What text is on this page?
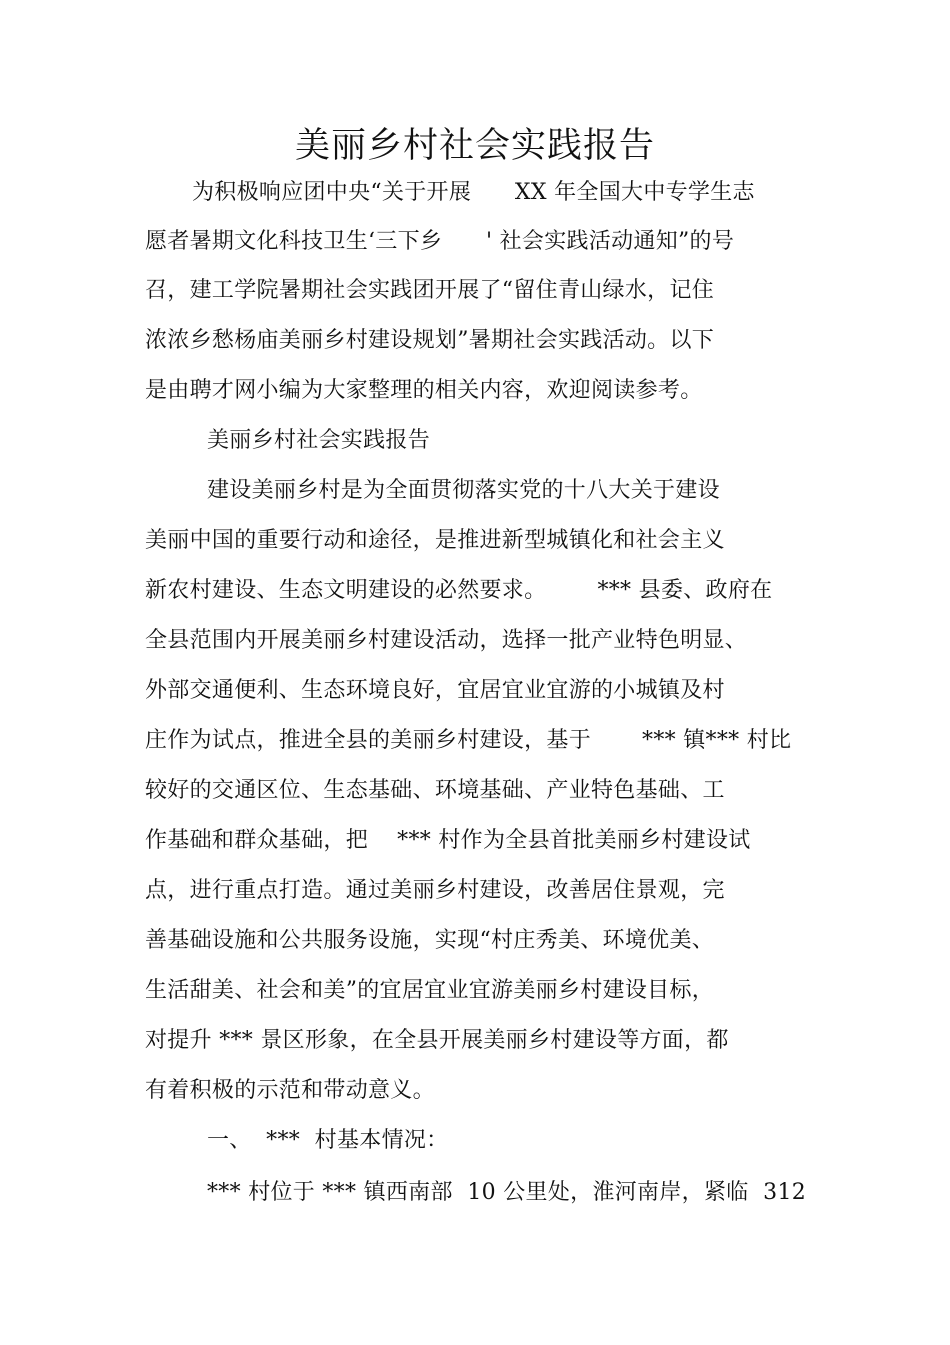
美丽乡村社会实践报告
为积极响应团中央“关于开展      XX 年全国大中专学生志
愿者暑期文化科技卫生‘三下乡      ' 社会实践活动通知”的号
召，建工学院暑期社会实践团开展了“留住青山绿水，记住
浓浓乡愁杨庙美丽乡村建设规划”暑期社会实践活动。以下
是由聘才网小编为大家整理的相关内容，欢迎阅读参考。
美丽乡村社会实践报告
建设美丽乡村是为全面贯彻落实党的十八大关于建设
美丽中国的重要行动和途径，是推进新型城镇化和社会主义
新农村建设、生态文明建设的必然要求。       *** 县委、政府在
全县范围内开展美丽乡村建设活动，选择一批产业特色明显、
外部交通便利、生态环境良好，宜居宜业宜游的小城镇及村
庄作为试点，推进全县的美丽乡村建设，基于       *** 镇*** 村比
较好的交通区位、生态基础、环境基础、产业特色基础、工
作基础和群众基础，把    *** 村作为全县首批美丽乡村建设试
点，进行重点打造。通过美丽乡村建设，改善居住景观，完
善基础设施和公共服务设施，实现“村庄秀美、环境优美、
生活甜美、社会和美”的宜居宜业宜游美丽乡村建设目标，
对提升 *** 景区形象，在全县开展美丽乡村建设等方面，都
有着积极的示范和带动意义。
一、  ***  村基本情况：
*** 村位于 *** 镇西南部  10 公里处，淮河南岸，紧临  312
